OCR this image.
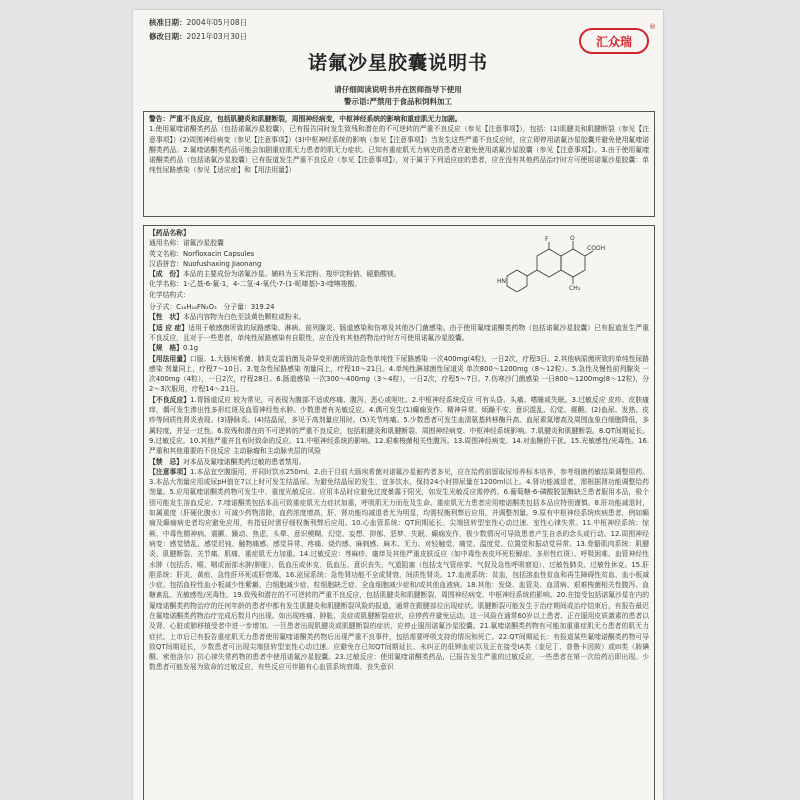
核准日期：2004年05月08日
修改日期：2021年03月30日	汇众瑞
®
诺氟沙星胶囊说明书
请仔细阅读说明书并在医师指导下使用
警示语:严禁用于食品和饲料加工

警告：严重不良反应，包括肌腱炎和肌腱断裂，周围神经病变，中枢神经系统的影响和重症肌无力加剧。

1.使用氟喹诺酮类药品（包括诺氟沙星胶囊），已有报告同时发生致残和潜在的不可逆转的严重不良反应（参见【注意事项】），包括：(1)肌腱炎和肌腱断裂（参见【注意事项】）(2)周围神经病变（参见【注意事项】）(3)中枢神经系统的影响（参见【注意事项】）当发生这些严重不良反应时，应立即停用诺氟沙星胶囊并避免使用氟喹诺酮类药品。2.氟喹诺酮类药品可能会加剧重症肌无力患者的肌无力症状。已知有重症肌无力病史的患者应避免使用诺氟沙星胶囊（参见【注意事项】）。3.由于使用氟喹诺酮类药品（包括诺氟沙星胶囊）已有报道发生严重不良反应（参见【注意事项】），对于属于下列适应症的患者，应在没有其他药品治疗时方可使用诺氟沙星胶囊：单纯性尿路感染（参见【适应症】和【用法用量】）

F	O
COOH
CH₃
HN

【药品名称】

通用名称：诺氟沙星胶囊

英文名称：Norfloxacin Capsules

汉语拼音：Nuofushaxing Jiaonang

【成　份】本品的主要成份为诺氟沙星。辅料为玉米淀粉、羧甲淀粉钠、硬脂酸镁。

化学名称：1-乙基-6-氟-1，4-二氢-4-氧代-7-(1-哌嗪基)-3-喹啉羧酸。

化学结构式：

分子式：C₁₆H₁₈FN₃O₃　分子量：319.24

【性　状】本品内容物为白色至淡黄色颗粒或粉末。

【适 应 症】适用于敏感菌所致的尿路感染、淋病、前列腺炎、肠道感染和伤寒及其他沙门菌感染。由于使用氟喹诺酮类药物（包括诺氟沙星胶囊）已有报道发生严重不良反应，且对于一些患者，单纯性尿路感染有自限性，应在没有其他药物治疗时方可使用诺氟沙星胶囊。

【规　格】0.1g

【用法用量】口服。1.大肠埃希菌、肺炎克雷伯菌及奇异变形菌所致的急性单纯性下尿路感染 一次400mg(4粒)，一日2次，疗程3日。2.其他病原菌所致的单纯性尿路感染 剂量同上，疗程7～10日。3.复杂性尿路感染 剂量同上，疗程10～21日。4.单纯性淋球菌性尿道炎 单次800～1200mg（8～12粒）。5.急性及慢性前列腺炎 一次400mg（4粒），一日2次，疗程28日。6.肠道感染 一次300～400mg（3～4粒），一日2次，疗程5～7日。7.伤寒沙门菌感染 一日800～1200mg(8～12粒)，分2～3次服用，疗程14～21日。

【不良反应】1.胃肠道反应 较为常见，可表现为腹部不适或疼痛、腹泻、恶心或呕吐。2.中枢神经系统反应 可有头昏、头痛、嗜睡或失眠。3.过敏反应 皮疹、皮肤瘙痒，偶可发生渗出性多形红斑及血管神经性水肿。少数患者有光敏反应。4.偶可发生(1)癫痫发作、精神异常、烦躁不安、意识混乱、幻觉、震颤。(2)血尿、发热、皮疹等间质性肾炎表现。(3)静脉炎。(4)结晶尿，多见于高剂量应用时。(5)关节疼痛。5.少数患者可发生血清氨基转移酶升高、血尿素氮增高及周围血象白细胞降低，多属轻度，并呈一过性。6.致残和潜在的不可逆转的严重不良反应，包括肌腱炎和肌腱断裂、周围神经病变、中枢神经系统影响。7.肌腱炎和肌腱断裂。8.QT间期延长。9.过敏反应。10.其他严重并且有时致命的反应。11.中枢神经系统的影响。12.艰难梭菌相关性腹泻。13.周围神经病变。14.对血糖的干扰。15.光敏感性/光毒性。16.严重和其他重要的不良反应 主动脉瘤和主动脉夹层的风险

【禁　忌】对本品及氟喹诺酮类药过敏的患者禁用。

【注意事项】1.本品宜空腹服用，并同时饮水250ml。2.由于目前大肠埃希菌对诺氟沙星耐药者多见，应在给药前留取尿培养标本培养，参考细菌药敏结果调整用药。3.本品大剂量应用或尿pH值在7以上时可发生结晶尿。为避免结晶尿的发生，宜多饮水，保持24小时排尿量在1200ml以上。4.肾功能减退者，需根据肾功能调整给药剂量。5.应用氟喹诺酮类药物可发生中、重度光敏反应。应用本品时应避免过度暴露于阳光，如发生光敏反应需停药。6.葡萄糖-6-磷酸脱氢酶缺乏患者服用本品，极个别可能发生溶血反应。7.喹诺酮类包括本品可致重症肌无力症状加重，呼吸肌无力而危及生命。重症肌无力患者应用喹诺酮类包括本品应特别谨慎。8.肝功能减退时，如属重度（肝硬化腹水）可减少药物清除，血药浓度增高，肝、肾功能均减退者尤为明显，均需权衡利弊后应用，并调整剂量。9.原有中枢神经系统疾病患者，例如癫痫及癫痫病史者均应避免应用，有指征时需仔细权衡利弊后应用。10.心血管系统：QT间期延长、尖端扭转型室性心动过速、室性心律失常。11.中枢神经系统：惊厥、中毒性精神病、震颤、躁动、焦虑、头晕、意识模糊、幻觉、妄想、抑郁、恶梦、失眠、癫痫发作，极少数情况可导致患者产生自杀的念头或行动。12.周围神经病变：感觉错乱、感觉迟钝、触物痛感、感觉异常、疼痛、烧灼感、麻刺感、麻木、无力、对轻触觉、痛觉、温度觉、位置觉和振动觉异常。13.骨骼肌肉系统：肌腱炎、肌腱断裂、关节痛、肌痛、重症肌无力加重。14.过敏反应：荨麻疹、瘙痒及其他严重皮肤反应（如中毒性表皮坏死松解症、多形性红斑）、呼吸困难、血管神经性水肿（包括舌、喉、咽或面部水肿/肿胀）、低血压或休克、低血压、意识丧失、气道阻塞（包括支气管痉挛、气促及急性呼吸窘迫）、过敏性肺炎、过敏性休克。15.肝胆系统：肝炎、黄疸、急性肝坏死或肝衰竭。16.泌尿系统：急性肾功能不全或肾衰、间质性肾炎。17.血液系统：贫血，包括溶血性贫血和再生障碍性贫血、血小板减少症、包括血栓性血小板减少性紫癜、白细胞减少症、粒细胞缺乏症、全血细胞减少症和/或其他血液病。18.其他：发烧、血管炎、血清病、艰难梭菌相关性腹泻、血糖紊乱、光敏感性/光毒性。19.致残和潜在的不可逆转的严重不良反应，包括肌腱炎和肌腱断裂、周围神经病变、中枢神经系统的影响。20.在接受包括诺氟沙星在内的氟喹诺酮类药物治疗的任何年龄的患者中都有发生肌腱炎和肌腱断裂风险的报道，通常在跟腱部位出现症状。肌腱断裂可能发生于治疗期间或治疗结束后，有报告最迟在氟喹诺酮类药物治疗完成后数月内出现。如出现疼痛、肿胀、炎症或肌腱断裂症状，应停药并避免运动。这一风险在通常60岁以上患者、正在服用皮质激素的患者以及肾、心脏或肺移植受者中进一步增加。一旦患者出现肌腱炎或肌腱断裂的症状，应停止服用诺氟沙星胶囊。21.氟喹诺酮类药物有可能加重重症肌无力患者的肌无力症状。上市后已有报告重症肌无力患者使用氟喹诺酮类药物后出现严重不良事件，包括需要呼吸支持的情况和死亡。22.QT间期延长：有报道某些氟喹诺酮类药物可导致QT间期延长，少数患者可出现尖端扭转型室性心动过速。应避免在已知QT间期延长、未纠正的低钾血症以及正在接受IA类（奎尼丁、普鲁卡因胺）或III类（胺碘酮、索他洛尔）抗心律失常药物的患者中使用诺氟沙星胶囊。23.过敏反应：使用氟喹诺酮类药品，已报告发生严重的过敏反应，一些患者在第一次给药后即出现。少数患者可能发展为致命的过敏反应，有些反应可伴随有心血管系统衰竭、丧失意识
